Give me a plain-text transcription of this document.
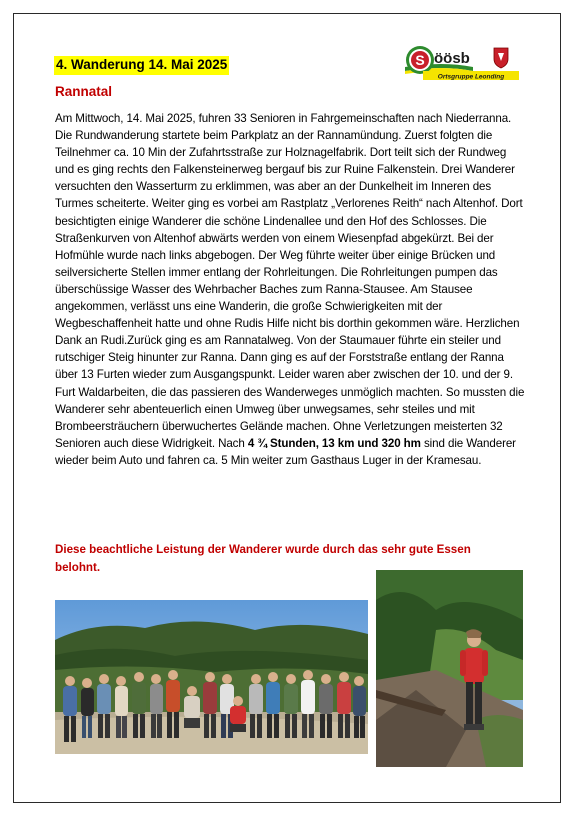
4. Wanderung 14. Mai 2025	S öösb
Ortsgruppe Leonding
Rannatal

Am Mittwoch, 14. Mai 2025, fuhren 33 Senioren in Fahrgemeinschaften nach Niederranna. Die Rundwanderung startete beim Parkplatz an der Rannamündung. Zuerst folgten die Teilnehmer ca. 10 Min der Zufahrtsstraße zur Holznagelfabrik. Dort teilt sich der Rundweg und es ging rechts den Falkensteinerweg bergauf bis zur Ruine Falkenstein. Drei Wanderer versuchten den Wasserturm zu erklimmen, was aber an der Dunkelheit im Inneren des Turmes scheiterte. Weiter ging es vorbei am Rastplatz „Verlorenes Reith“ nach Altenhof. Dort besichtigten einige Wanderer die schöne Lindenallee und den Hof des Schlosses. Die Straßenkurven von Altenhof abwärts werden von einem Wiesenpfad abgekürzt. Bei der Hofmühle wurde nach links abgebogen. Der Weg führte weiter über einige Brücken und seilversicherte Stellen immer entlang der Rohrleitungen. Die Rohrleitungen pumpen das überschüssige Wasser des Wehrbacher Baches zum Ranna-Stausee. Am Stausee angekommen, verlässt uns eine Wanderin, die große Schwierigkeiten mit der Wegbeschaffenheit hatte und ohne Rudis Hilfe nicht bis dorthin gekommen wäre. Herzlichen Dank an Rudi.Zurück ging es am Rannatalweg. Von der Staumauer führte ein steiler und rutschiger Steig hinunter zur Ranna. Dann ging es auf der Forststraße entlang der Ranna über 13 Furten wieder zum Ausgangspunkt. Leider waren aber zwischen der 10. und der 9. Furt Waldarbeiten, die das passieren des Wanderweges unmöglich machten. So mussten die Wanderer sehr abenteuerlich einen Umweg über unwegsames, sehr steiles und mit Brombeersträuchern überwuchertes Gelände machen. Ohne Verletzungen meisterten 32 Senioren auch diese Widrigkeit. Nach 4 ¾ Stunden, 13 km und 320 hm sind die Wanderer wieder beim Auto und fahren ca. 5 Min weiter zum Gasthaus Luger in der Kramesau.

Diese beachtliche Leistung der Wanderer wurde durch das sehr gute Essen belohnt.
